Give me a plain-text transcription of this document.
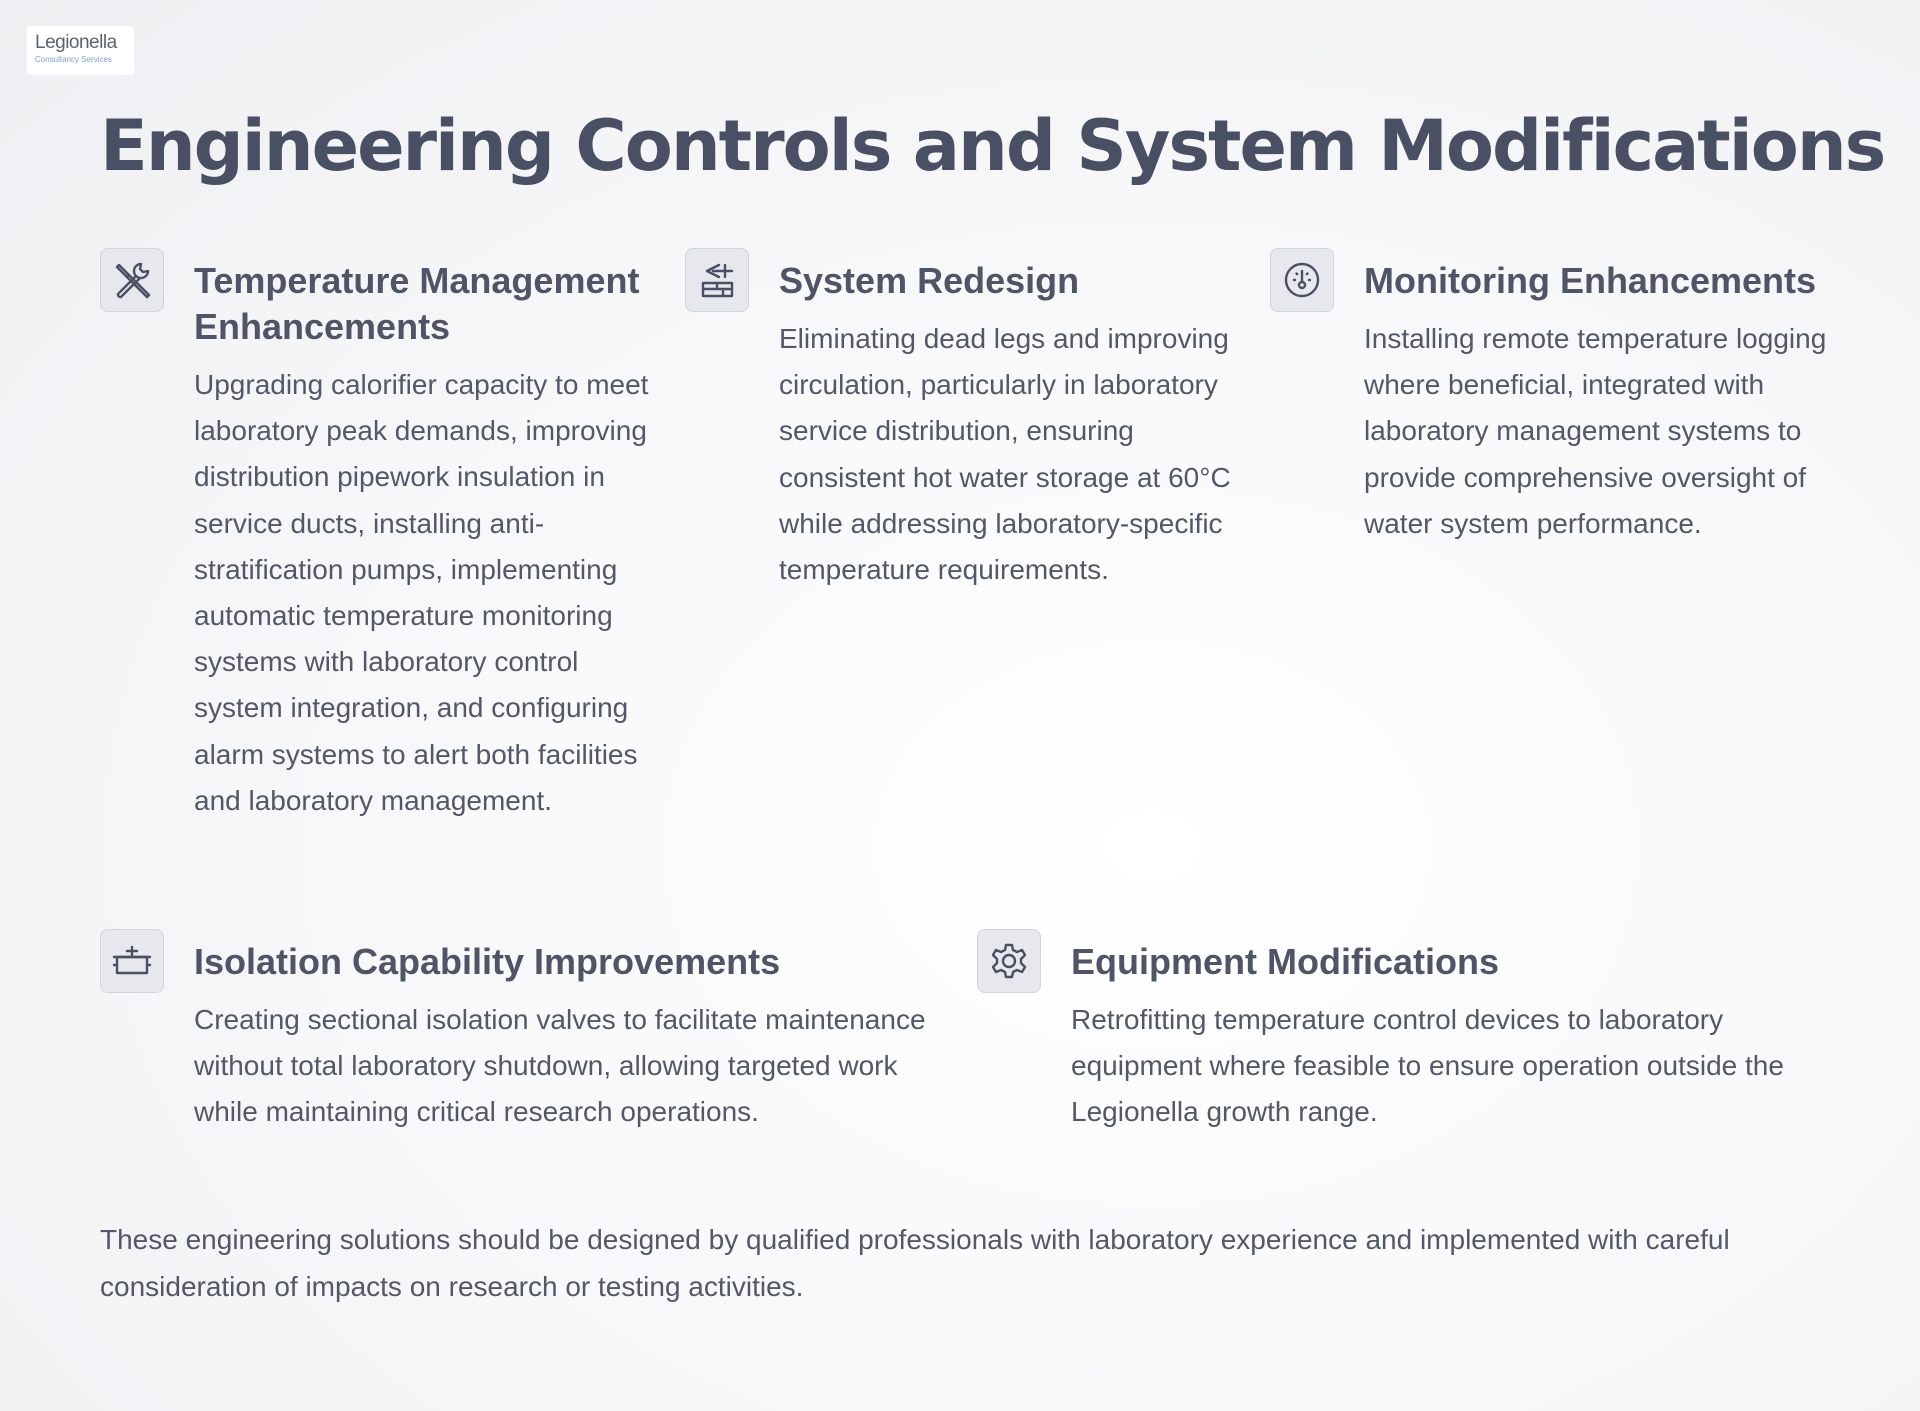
Legionella
Consultancy Services
Engineering Controls and System Modifications
Temperature Management Enhancements

Upgrading calorifier capacity to meet laboratory peak demands, improving distribution pipework insulation in service ducts, installing anti-stratification pumps, implementing automatic temperature monitoring systems with laboratory control system integration, and configuring alarm systems to alert both facilities and laboratory management.

System Redesign

Eliminating dead legs and improving circulation, particularly in laboratory service distribution, ensuring consistent hot water storage at 60°C while addressing laboratory-specific temperature requirements.

Monitoring Enhancements

Installing remote temperature logging where beneficial, integrated with laboratory management systems to provide comprehensive oversight of water system performance.

Isolation Capability Improvements

Creating sectional isolation valves to facilitate maintenance without total laboratory shutdown, allowing targeted work while maintaining critical research operations.

Equipment Modifications

Retrofitting temperature control devices to laboratory equipment where feasible to ensure operation outside the Legionella growth range.

These engineering solutions should be designed by qualified professionals with laboratory experience and implemented with careful consideration of impacts on research or testing activities.
